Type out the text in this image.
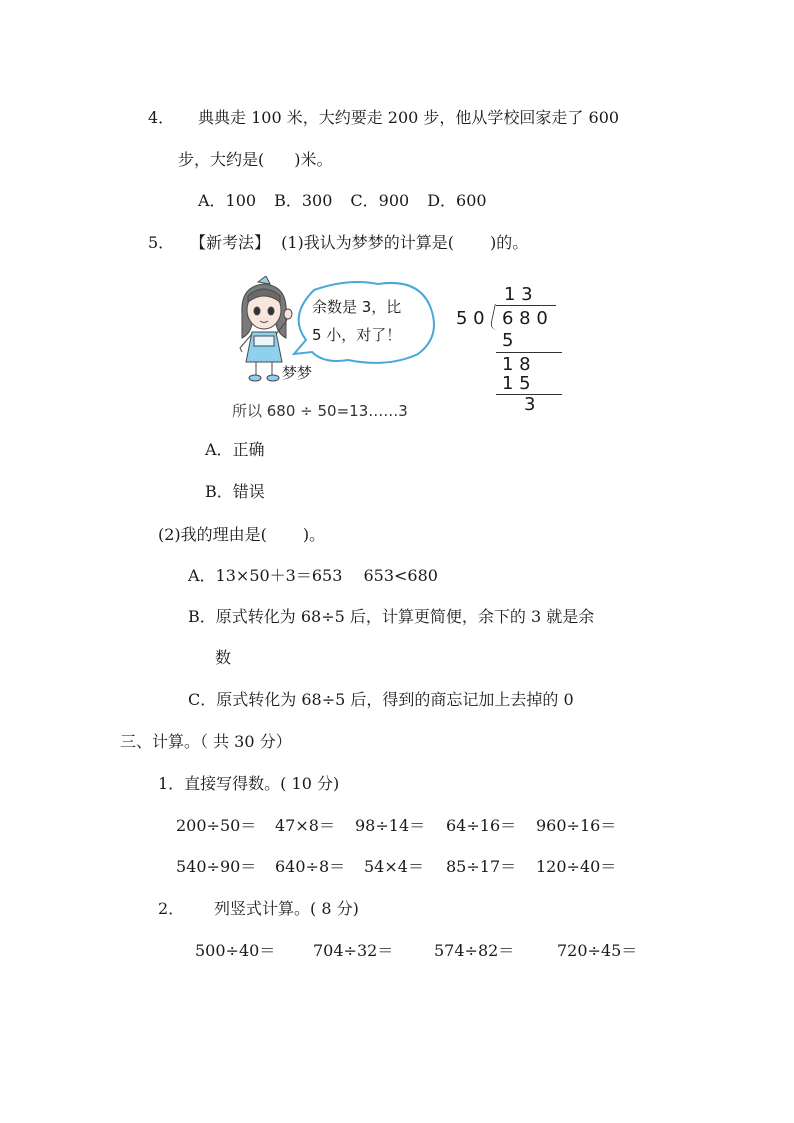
4． 典典走 100 米，大约要走 200 步，他从学校回家走了 600
步，大约是( )米。
A．100 B．300 C．900 D．600
5． 【新考法】 (1)我认为梦梦的计算是( )的。
余数是 3，比
5 小，对了！
梦梦
所以 680 ÷ 50=13……3
1 3
5 0 6 8 0
5
1 8
1 5
3
A．正确
B．错误
(2)我的理由是( )。
A．13×50＋3＝653　 653<680
B．原式转化为 68÷5 后，计算更简便，余下的 3 就是余
数
C．原式转化为 68÷5 后，得到的商忘记加上去掉的 0
三、计算。（ 共 30 分）
1．直接写得数。( 10 分)
200÷50＝ 47×8＝ 98÷14＝ 64÷16＝ 960÷16＝
540÷90＝ 640÷8＝ 54×4＝ 85÷17＝ 120÷40＝
2． 列竖式计算。( 8 分)
500÷40＝ 704÷32＝	574÷82＝	720÷45＝
